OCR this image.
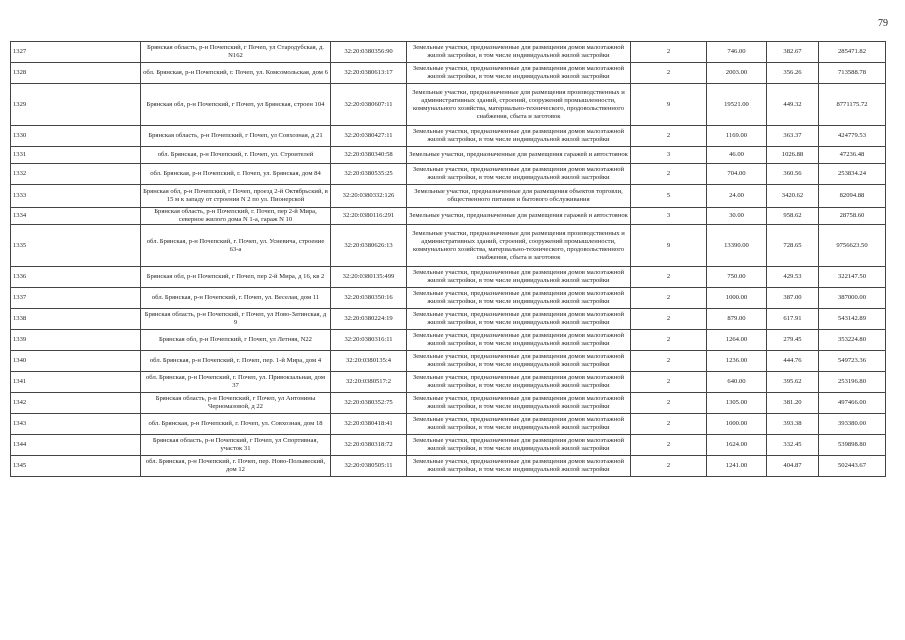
79
1327	Брянская область, р-н Почепский, г Почеп, ул Стародубская, д. N162	32:20:0380356:90	Земельные участки, предназначенные для размещения домов малоэтажной жилой застройки, в том числе индивидуальной жилой застройки	2	746.00	382.67	285471.82
1328	обл. Брянская, р-н Почепский, г. Почеп, ул. Комсомольская, дом 6	32:20:0380613:17	Земельные участки, предназначенные для размещения домов малоэтажной жилой застройки, в том числе индивидуальной жилой застройки	2	2003.00	356.26	713588.78
1329	Брянская обл, р-н Почепский, г Почеп, ул Брянская, строен 104	32:20:0380607:11	Земельные участки, предназначенные для размещения производственных и административных зданий, строений, сооружений промышленности, коммунального хозяйства, материально-технического, продовольственного снабжения, сбыта и заготовок	9	19521.00	449.32	8771175.72
1330	Брянская область, р-н Почепский, г Почеп, ул Совхозная, д 21	32:20:0380427:11	Земельные участки, предназначенные для размещения домов малоэтажной жилой застройки, в том числе индивидуальной жилой застройки	2	1169.00	363.37	424779.53
1331	обл. Брянская, р-н Почепский, г. Почеп, ул. Строителей	32:20:0380340:58	Земельные участки, предназначенные для размещения гаражей и автостоянок	3	46.00	1026.88	47236.48
1332	обл. Брянская, р-н Почепский, г. Почеп, ул. Брянская, дом 84	32:20:0380535:25	Земельные участки, предназначенные для размещения домов малоэтажной жилой застройки, в том числе индивидуальной жилой застройки	2	704.00	360.56	253834.24
1333	Брянская обл, р-н Почепский, г Почеп, проезд 2-й Октябрьский, в 15 м к западу от строения N 2 по ул. Пионерской	32:20:0380332:126	Земельные участки, предназначенные для размещения объектов торговли, общественного питания и бытового обслуживания	5	24.00	3420.62	82094.88
1334	Брянская область, р-н Почепский, г. Почеп, пер 2-й Мира, северное жилого дома N 1-а, гараж N 10	32:20:0380116:291	Земельные участки, предназначенные для размещения гаражей и автостоянок	3	30.00	958.62	28758.60
1335	обл. Брянская, р-н Почепский, г. Почеп, ул. Усиевича, строение 63-а	32:20:0380626:13	Земельные участки, предназначенные для размещения производственных и административных зданий, строений, сооружений промышленности, коммунального хозяйства, материально-технического, продовольственного снабжения, сбыта и заготовок	9	13390.00	728.65	9756623.50
1336	Брянская обл, р-н Почепский, г Почеп, пер 2-й Мира, д 16, кв 2	32:20:0380135:499	Земельные участки, предназначенные для размещения домов малоэтажной жилой застройки, в том числе индивидуальной жилой застройки	2	750.00	429.53	322147.50
1337	обл. Брянская, р-н Почепский, г. Почеп, ул. Веселая, дом 11	32:20:0380350:16	Земельные участки, предназначенные для размещения домов малоэтажной жилой застройки, в том числе индивидуальной жилой застройки	2	1000.00	387.00	387000.00
1338	Брянская область, р-н Почепский, г Почеп, ул Ново-Затинская, д 9	32:20:0380224:19	Земельные участки, предназначенные для размещения домов малоэтажной жилой застройки, в том числе индивидуальной жилой застройки	2	879.00	617.91	543142.89
1339	Брянская обл, р-н Почепский, г Почеп, ул Летняя, N22	32:20:0380316:11	Земельные участки, предназначенные для размещения домов малоэтажной жилой застройки, в том числе индивидуальной жилой застройки	2	1264.00	279.45	353224.80
1340	обл. Брянская, р-н Почепский, г. Почеп, пер. 1-й Мира, дом 4	32:20:0380135:4	Земельные участки, предназначенные для размещения домов малоэтажной жилой застройки, в том числе индивидуальной жилой застройки	2	1236.00	444.76	549723.36
1341	обл. Брянская, р-н Почепский, г. Почеп, ул. Привокзальная, дом 37	32:20:0380517:2	Земельные участки, предназначенные для размещения домов малоэтажной жилой застройки, в том числе индивидуальной жилой застройки	2	640.00	395.62	253196.80
1342	Брянская область, р-н Почепский, г Почеп, ул Антонины Черномазовой, д 22	32:20:0380352:75	Земельные участки, предназначенные для размещения домов малоэтажной жилой застройки, в том числе индивидуальной жилой застройки	2	1305.00	381.20	497466.00
1343	обл. Брянская, р-н Почепский, г. Почеп, ул. Совхозная, дом 18	32:20:0380418:41	Земельные участки, предназначенные для размещения домов малоэтажной жилой застройки, в том числе индивидуальной жилой застройки	2	1000.00	393.38	393380.00
1344	Брянская область, р-н Почепский, г Почеп, ул Спортивная, участок 31	32:20:0380318:72	Земельные участки, предназначенные для размещения домов малоэтажной жилой застройки, в том числе индивидуальной жилой застройки	2	1624.00	332.45	539898.80
1345	обл. Брянская, р-н Почепский, г. Почеп, пер. Ново-Полывеский, дом 12	32:20:0380505:11	Земельные участки, предназначенные для размещения домов малоэтажной жилой застройки, в том числе индивидуальной жилой застройки	2	1241.00	404.87	502443.67
